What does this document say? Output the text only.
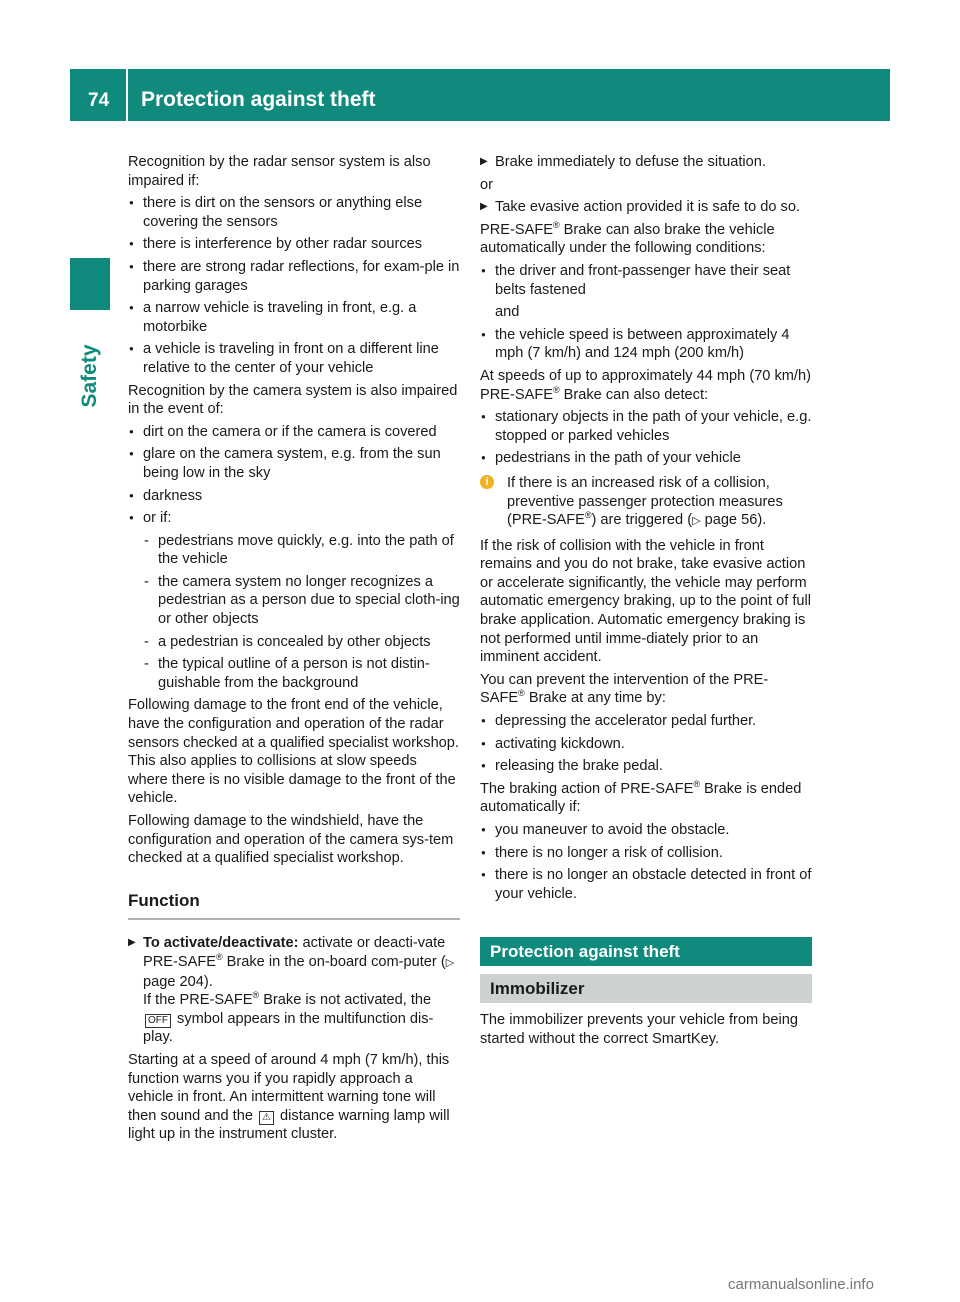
74 Protection against theft
Safety

Recognition by the radar sensor system is also impaired if:

● there is dirt on the sensors or anything else covering the sensors
● there is interference by other radar sources
● there are strong radar reflections, for exam-ple in parking garages
● a narrow vehicle is traveling in front, e.g. a motorbike
● a vehicle is traveling in front on a different line relative to the center of your vehicle

Recognition by the camera system is also impaired in the event of:

● dirt on the camera or if the camera is covered
● glare on the camera system, e.g. from the sun being low in the sky
● darkness
● or if:
- pedestrians move quickly, e.g. into the path of the vehicle
- the camera system no longer recognizes a pedestrian as a person due to special cloth-ing or other objects
- a pedestrian is concealed by other objects
- the typical outline of a person is not distin-guishable from the background

Following damage to the front end of the vehicle, have the configuration and operation of the radar sensors checked at a qualified specialist workshop. This also applies to collisions at slow speeds where there is no visible damage to the front of the vehicle.

Following damage to the windshield, have the configuration and operation of the camera sys-tem checked at a qualified specialist workshop.

Function
▶ To activate/deactivate: activate or deacti-vate PRE-SAFE® Brake in the on-board com-puter (▷ page 204).
If the PRE-SAFE® Brake is not activated, the OFF symbol appears in the multifunction dis-play.

Starting at a speed of around 4 mph (7 km/h), this function warns you if you rapidly approach a vehicle in front. An intermittent warning tone will then sound and the ⚠ distance warning lamp will light up in the instrument cluster.

▶ Brake immediately to defuse the situation.

or

▶ Take evasive action provided it is safe to do so.

PRE-SAFE® Brake can also brake the vehicle automatically under the following conditions:

● the driver and front-passenger have their seat belts fastened

and

● the vehicle speed is between approximately 4 mph (7 km/h) and 124 mph (200 km/h)

At speeds of up to approximately 44 mph (70 km/h) PRE-SAFE® Brake can also detect:

● stationary objects in the path of your vehicle, e.g. stopped or parked vehicles
● pedestrians in the path of your vehicle
i	If there is an increased risk of a collision, preventive passenger protection measures (PRE-SAFE®) are triggered (▷ page 56).

If the risk of collision with the vehicle in front remains and you do not brake, take evasive action or accelerate significantly, the vehicle may perform automatic emergency braking, up to the point of full brake application. Automatic emergency braking is not performed until imme-diately prior to an imminent accident.

You can prevent the intervention of the PRE-SAFE® Brake at any time by:

● depressing the accelerator pedal further.
● activating kickdown.
● releasing the brake pedal.

The braking action of PRE-SAFE® Brake is ended automatically if:

● you maneuver to avoid the obstacle.
● there is no longer a risk of collision.
● there is no longer an obstacle detected in front of your vehicle.
Protection against theft
Immobilizer

The immobilizer prevents your vehicle from being started without the correct SmartKey.

carmanualsonline.info
